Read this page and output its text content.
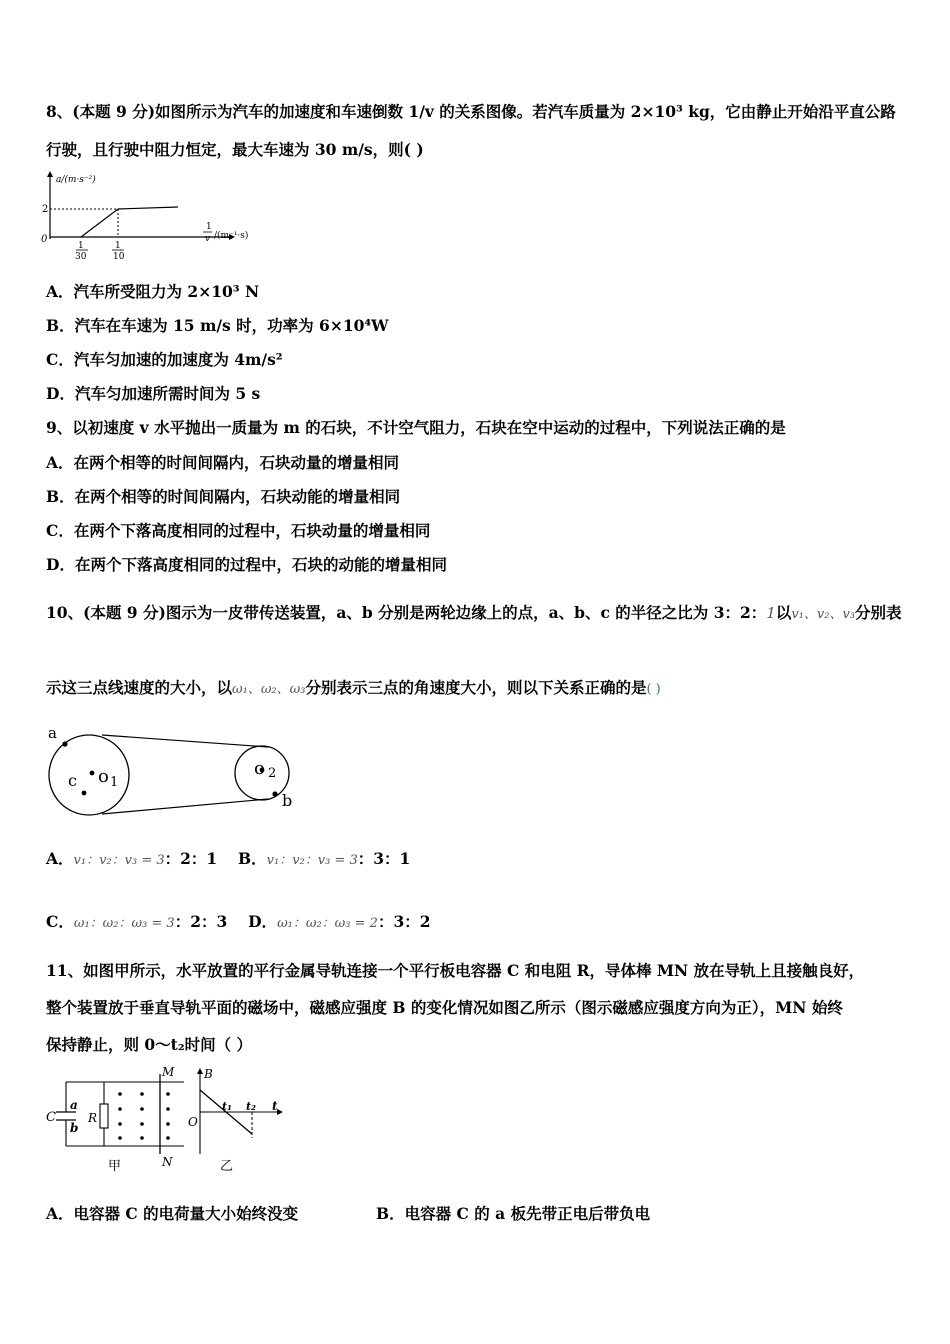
8、(本题 9 分)如图所示为汽车的加速度和车速倒数 1/v 的关系图像。若汽车质量为 2×10³ kg，它由静止开始沿平直公路
行驶，且行驶中阻力恒定，最大车速为 30 m/s，则( )
a/(m·s⁻²)
0
2
1
30
1
10
1
v /(m⁻¹·s)
A．汽车所受阻力为 2×10³ N
B．汽车在车速为 15 m/s 时，功率为 6×10⁴W
C．汽车匀加速的加速度为 4m/s²
D．汽车匀加速所需时间为 5 s
9、以初速度 v 水平抛出一质量为 m 的石块，不计空气阻力，石块在空中运动的过程中，下列说法正确的是
A．在两个相等的时间间隔内，石块动量的增量相同
B．在两个相等的时间间隔内，石块动能的增量相同
C．在两个下落高度相同的过程中，石块动量的增量相同
D．在两个下落高度相同的过程中，石块的动能的增量相同
10、(本题 9 分)图示为一皮带传送装置，a、b 分别是两轮边缘上的点，a、b、c 的半径之比为 3：2：1以v₁、v₂、v₃分别表
示这三点线速度的大小，以ω₁、ω₂、ω₃分别表示三点的角速度大小，则以下关系正确的是( )
a
c o 1
o 2
b
A．v₁：v₂：v₃ = 3：2：1 B．v₁：v₂：v₃ = 3：3：1
C．ω₁：ω₂：ω₃ = 3：2：3 D．ω₁：ω₂：ω₃ = 2：3：2
11、如图甲所示，水平放置的平行金属导轨连接一个平行板电容器 C 和电阻 R，导体棒 MN 放在导轨上且接触良好，
整个装置放于垂直导轨平面的磁场中，磁感应强度 B 的变化情况如图乙所示（图示磁感应强度方向为正），MN 始终
保持静止，则 0～t₂时间（ ）
M
N
C
a
b
R
甲
B
O
t₁ t₂ t
乙
A．电容器 C 的电荷量大小始终没变	B．电容器 C 的 a 板先带正电后带负电
